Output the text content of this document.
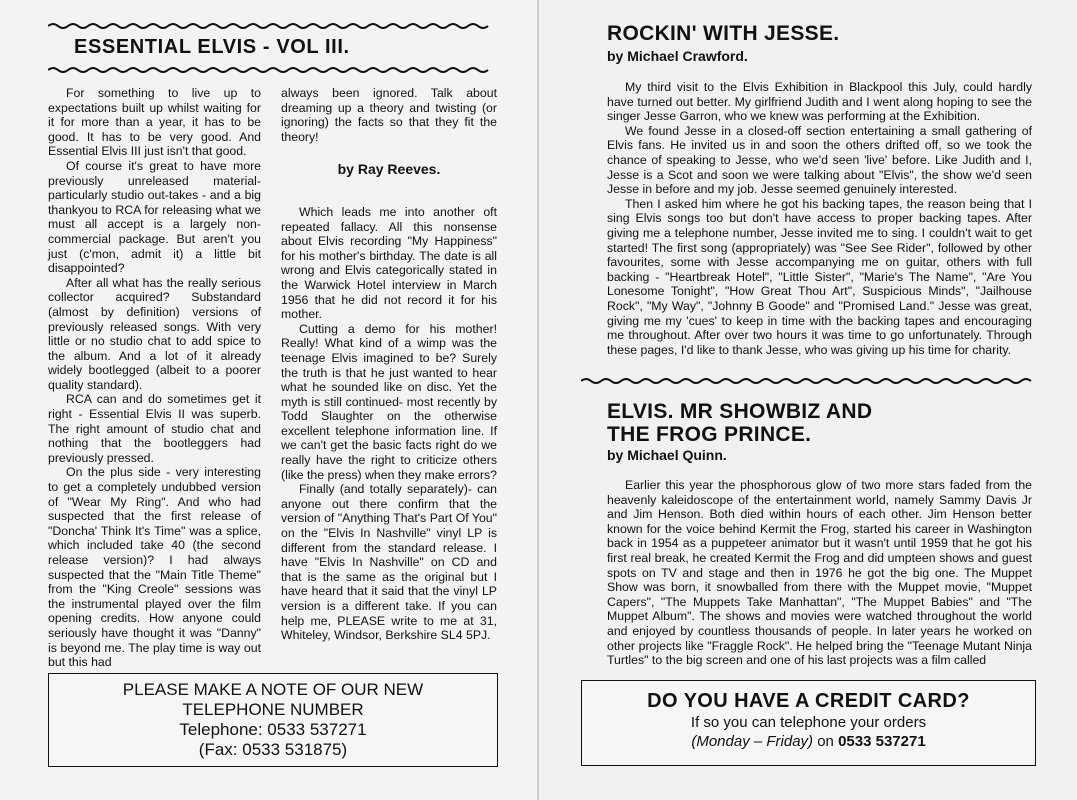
ESSENTIAL ELVIS - VOL III.

For something to live up to expectations built up whilst waiting for it for more than a year, it has to be good. It has to be very good. And Essential Elvis III just isn't that good.

Of course it's great to have more previously unreleased material- particularly studio out-takes - and a big thankyou to RCA for releasing what we must all accept is a largely non-commercial package. But aren't you just (c'mon, admit it) a little bit disappointed?

After all what has the really serious collector acquired? Substandard (almost by definition) versions of previously released songs. With very little or no studio chat to add spice to the album. And a lot of it already widely bootlegged (albeit to a poorer quality standard).

RCA can and do sometimes get it right - Essential Elvis II was superb. The right amount of studio chat and nothing that the bootleggers had previously pressed.

On the plus side - very interesting to get a completely undubbed version of "Wear My Ring". And who had suspected that the first release of "Doncha' Think It's Time" was a splice, which included take 40 (the second release version)? I had always suspected that the "Main Title Theme" from the "King Creole" sessions was the instrumental played over the film opening credits. How anyone could seriously have thought it was "Danny" is beyond me. The play time is way out but this had

always been ignored. Talk about dreaming up a theory and twisting (or ignoring) the facts so that they fit the theory!

by Ray Reeves.

Which leads me into another oft repeated fallacy. All this nonsense about Elvis recording "My Happiness" for his mother's birthday. The date is all wrong and Elvis categorically stated in the Warwick Hotel interview in March 1956 that he did not record it for his mother.

Cutting a demo for his mother! Really! What kind of a wimp was the teenage Elvis imagined to be? Surely the truth is that he just wanted to hear what he sounded like on disc. Yet the myth is still continued- most recently by Todd Slaughter on the otherwise excellent telephone information line. If we can't get the basic facts right do we really have the right to criticize others (like the press) when they make errors?

Finally (and totally separately)- can anyone out there confirm that the version of "Anything That's Part Of You" on the "Elvis In Nashville" vinyl LP is different from the standard release. I have "Elvis In Nashville" on CD and that is the same as the original but I have heard that it said that the vinyl LP version is a different take. If you can help me, PLEASE write to me at 31, Whiteley, Windsor, Berkshire SL4 5PJ.

PLEASE MAKE A NOTE OF OUR NEW
TELEPHONE NUMBER
Telephone: 0533 537271
(Fax: 0533 531875)
ROCKIN' WITH JESSE.
by Michael Crawford.

My third visit to the Elvis Exhibition in Blackpool this July, could hardly have turned out better. My girlfriend Judith and I went along hoping to see the singer Jesse Garron, who we knew was performing at the Exhibition.

We found Jesse in a closed-off section entertaining a small gathering of Elvis fans. He invited us in and soon the others drifted off, so we took the chance of speaking to Jesse, who we'd seen 'live' before. Like Judith and I, Jesse is a Scot and soon we were talking about "Elvis", the show we'd seen Jesse in before and my job. Jesse seemed genuinely interested.

Then I asked him where he got his backing tapes, the reason being that I sing Elvis songs too but don't have access to proper backing tapes. After giving me a telephone number, Jesse invited me to sing. I couldn't wait to get started! The first song (appropriately) was "See See Rider", followed by other favourites, some with Jesse accompanying me on guitar, others with full backing - "Heartbreak Hotel", "Little Sister", "Marie's The Name", "Are You Lonesome Tonight", "How Great Thou Art", Suspicious Minds", "Jailhouse Rock", "My Way", "Johnny B Goode" and "Promised Land." Jesse was great, giving me my 'cues' to keep in time with the backing tapes and encouraging me throughout. After over two hours it was time to go unfortunately. Through these pages, I'd like to thank Jesse, who was giving up his time for charity.

ELVIS. MR SHOWBIZ AND
THE FROG PRINCE.
by Michael Quinn.

Earlier this year the phosphorous glow of two more stars faded from the heavenly kaleidoscope of the entertainment world, namely Sammy Davis Jr and Jim Henson. Both died within hours of each other. Jim Henson better known for the voice behind Kermit the Frog, started his career in Washington back in 1954 as a puppeteer animator but it wasn't until 1959 that he got his first real break, he created Kermit the Frog and did umpteen shows and guest spots on TV and stage and then in 1976 he got the big one. The Muppet Show was born, it snowballed from there with the Muppet movie, "Muppet Capers", "The Muppets Take Manhattan", "The Muppet Babies" and "The Muppet Album". The shows and movies were watched throughout the world and enjoyed by countless thousands of people. In later years he worked on other projects like "Fraggle Rock". He helped bring the "Teenage Mutant Ninja Turtles" to the big screen and one of his last projects was a film called

DO YOU HAVE A CREDIT CARD?
If so you can telephone your orders
(Monday – Friday) on 0533 537271
